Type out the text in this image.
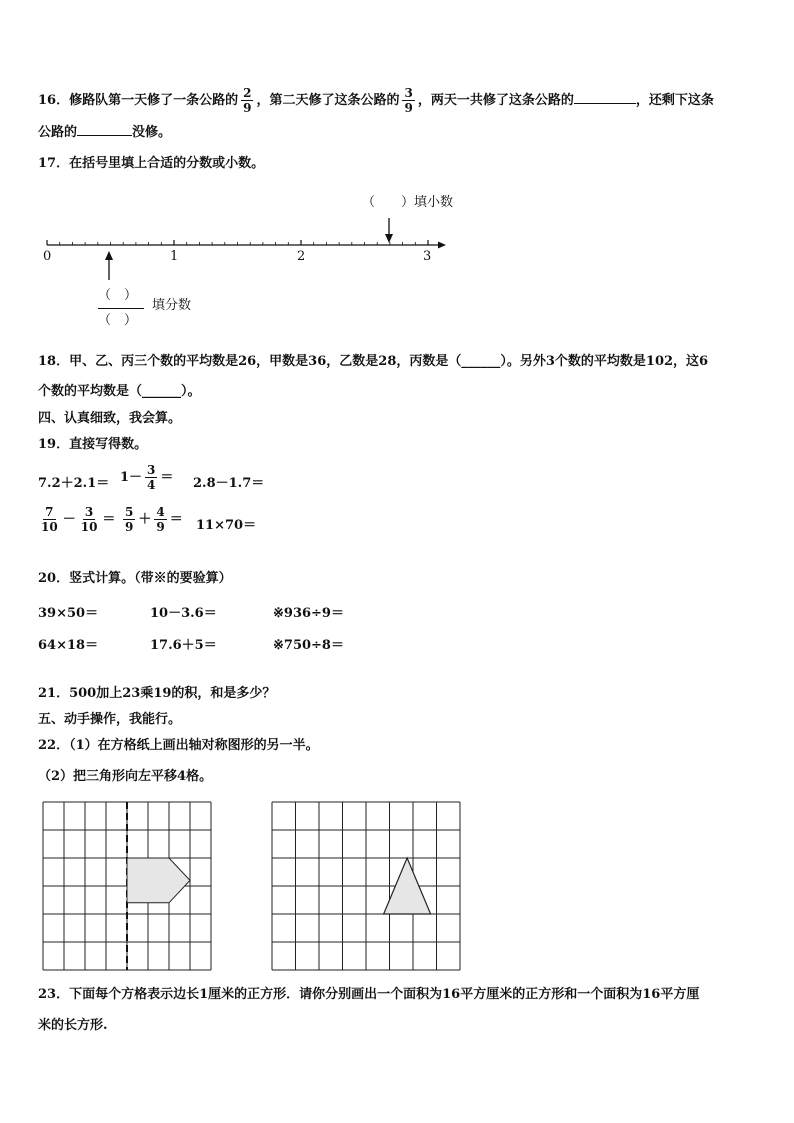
16．修路队第一天修了一条公路的 $\frac{2}{9}$ ，第二天修了这条公路的 $\frac{3}{9}$ ，两天一共修了这条公路的	，还剩下这条
公路的	没修。
17．在括号里填上合适的分数或小数。
（　　）填小数
0	1	2	3
（　）
（　）
填分数
18．甲、乙、丙三个数的平均数是26，甲数是36，乙数是28，丙数是（______）。另外3个数的平均数是102，这6
个数的平均数是（______）。
四、认真细致，我会算。
19．直接写得数。
$7.2+2.1= 1- \frac{3}{4} = 2.8-1.7=$
$\frac{7}{10} - \frac{3}{10} = \frac{5}{9} + \frac{4}{9} = 11\times 70=$
20．竖式计算。（带※的要验算）
39×50＝	10－3.6＝	※936÷9＝
64×18＝	17.6＋5＝	※750÷8＝
21．500加上23乘19的积，和是多少？
五、动手操作，我能行。
22．（1）在方格纸上画出轴对称图形的另一半。
（2）把三角形向左平移4格。
23．下面每个方格表示边长1厘米的正方形．请你分别画出一个面积为16平方厘米的正方形和一个面积为16平方厘
米的长方形.
